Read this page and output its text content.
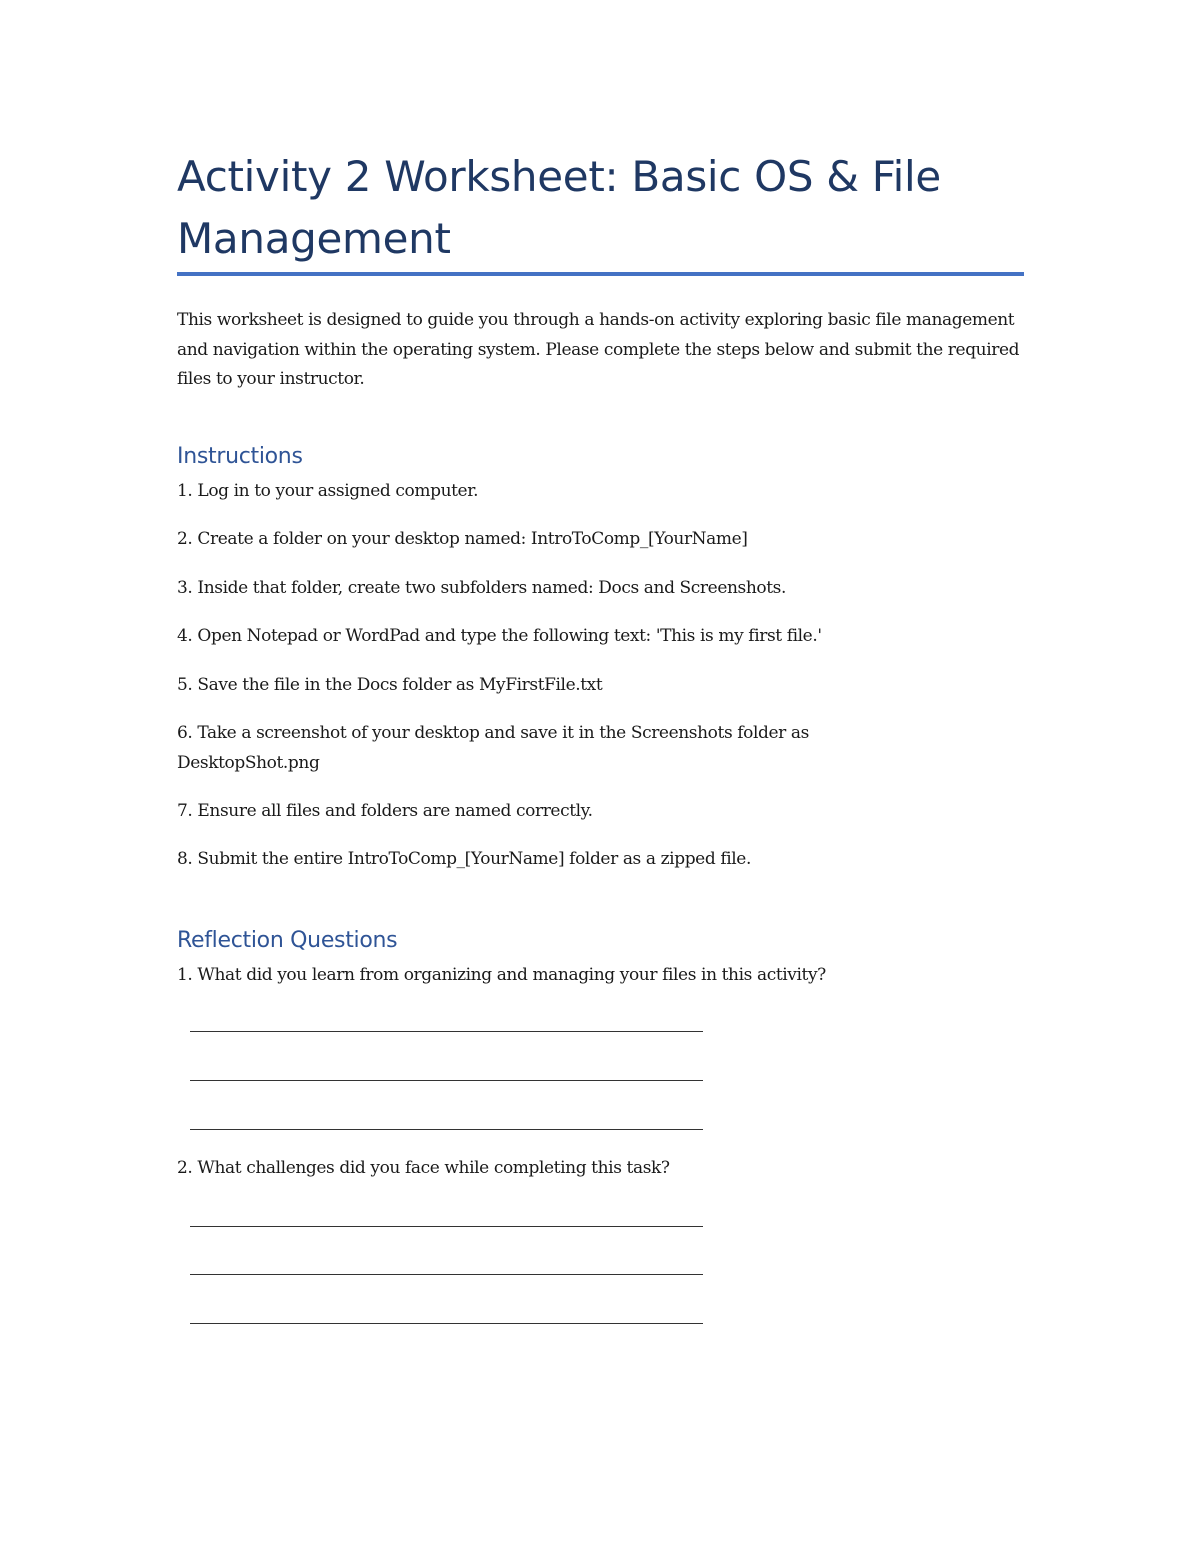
Activity 2 Worksheet: Basic OS & File Management

This worksheet is designed to guide you through a hands-on activity exploring basic file management and navigation within the operating system. Please complete the steps below and submit the required files to your instructor.

Instructions

1. Log in to your assigned computer.

2. Create a folder on your desktop named: IntroToComp_[YourName]

3. Inside that folder, create two subfolders named: Docs and Screenshots.

4. Open Notepad or WordPad and type the following text: 'This is my first file.'

5. Save the file in the Docs folder as MyFirstFile.txt

6. Take a screenshot of your desktop and save it in the Screenshots folder as DesktopShot.png

7. Ensure all files and folders are named correctly.

8. Submit the entire IntroToComp_[YourName] folder as a zipped file.

Reflection Questions

1. What did you learn from organizing and managing your files in this activity?

2. What challenges did you face while completing this task?
